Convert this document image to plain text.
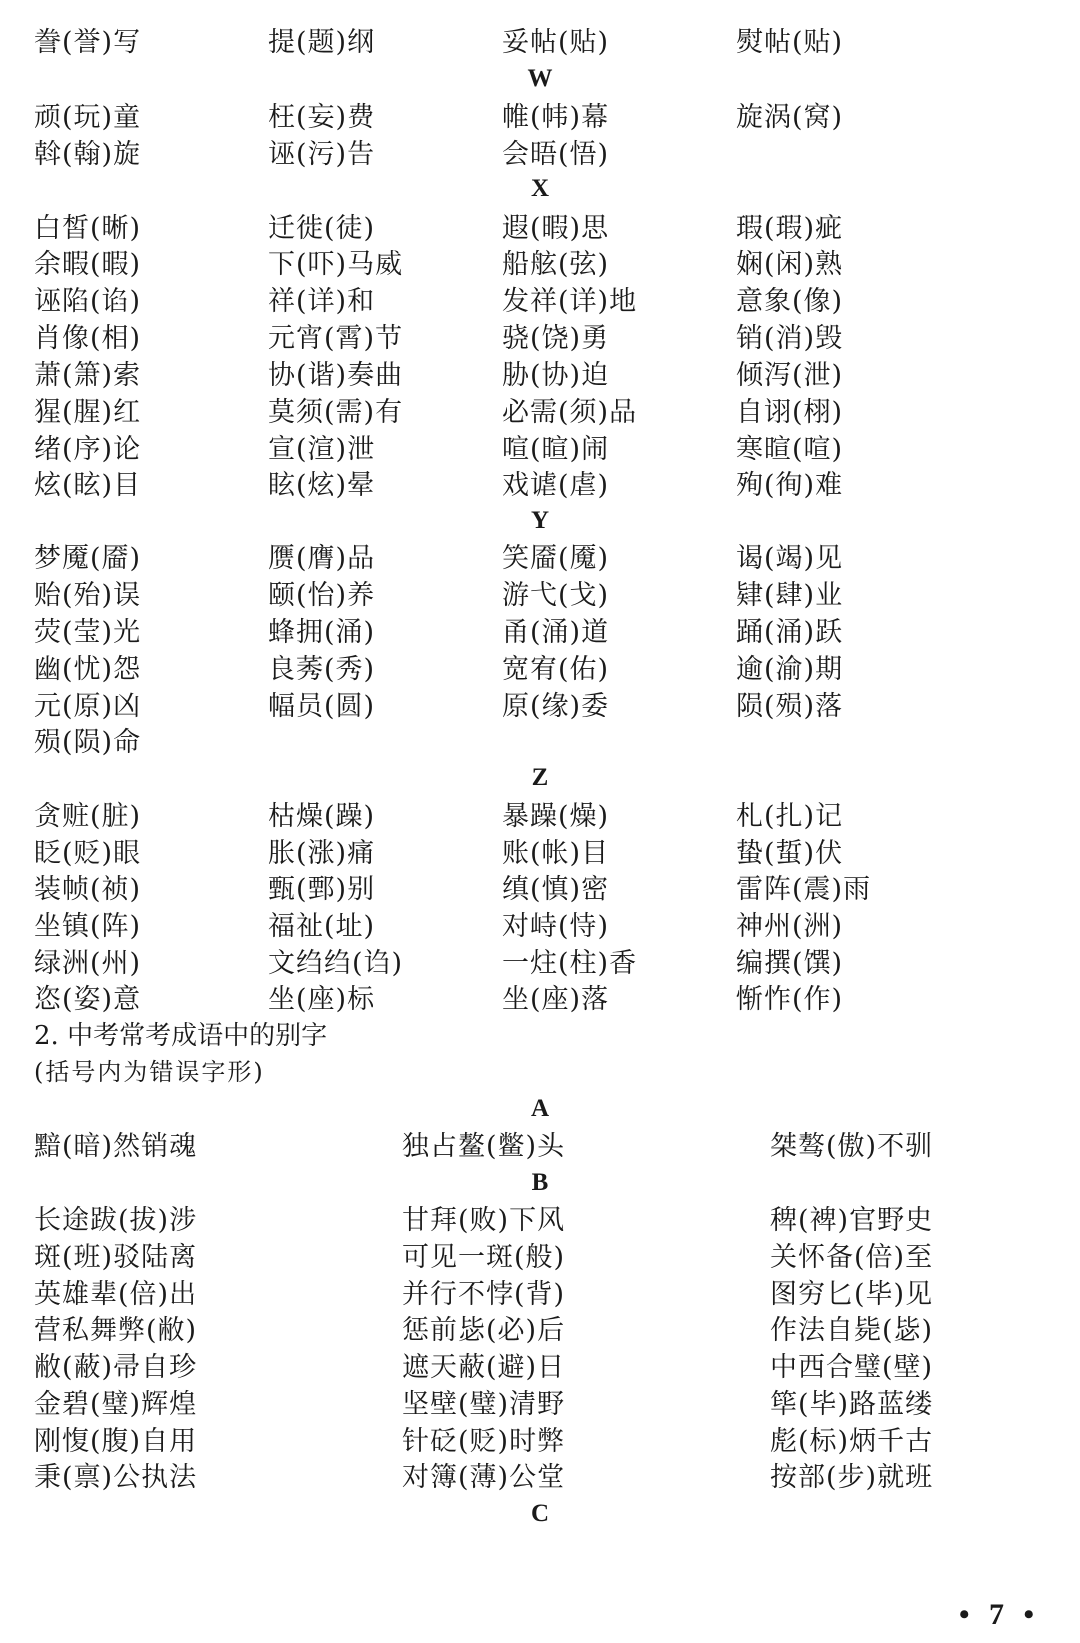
誊(誉)写	提(题)纲	妥帖(贴)	熨帖(贴)
W
顽(玩)童	枉(妄)费	帷(帏)幕	旋涡(窝)
斡(翰)旋	诬(污)告	会晤(悟)
X
白皙(晰)	迁徙(徒)	遐(暇)思	瑕(瑕)疵
余暇(暇)	下(吓)马威	船舷(弦)	娴(闲)熟
诬陷(谄)	祥(详)和	发祥(详)地	意象(像)
肖像(相)	元宵(霄)节	骁(饶)勇	销(消)毁
萧(箫)索	协(谐)奏曲	胁(协)迫	倾泻(泄)
猩(腥)红	莫须(需)有	必需(须)品	自诩(栩)
绪(序)论	宣(渲)泄	喧(暄)闹	寒暄(喧)
炫(眩)目	眩(炫)晕	戏谑(虐)	殉(徇)难
Y
梦魇(靥)	赝(膺)品	笑靥(魇)	谒(竭)见
贻(殆)误	颐(怡)养	游弋(戈)	肄(肆)业
荧(莹)光	蜂拥(涌)	甬(涌)道	踊(涌)跃
幽(忧)怨	良莠(秀)	宽宥(佑)	逾(渝)期
元(原)凶	幅员(圆)	原(缘)委	陨(殒)落
殒(陨)命
Z
贪赃(脏)	枯燥(躁)	暴躁(燥)	札(扎)记
眨(贬)眼	胀(涨)痛	账(帐)目	蛰(蜇)伏
装帧(祯)	甄(鄄)别	缜(慎)密	雷阵(震)雨
坐镇(阵)	福祉(址)	对峙(恃)	神州(洲)
绿洲(州)	文绉绉(诌)	一炷(柱)香	编撰(馔)
恣(姿)意	坐(座)标	坐(座)落	惭怍(作)
2. 中考常考成语中的别字
(括号内为错误字形)
A
黯(暗)然销魂	独占鳌(鳖)头	桀骜(傲)不驯
B
长途跋(拔)涉	甘拜(败)下风	稗(裨)官野史
斑(班)驳陆离	可见一斑(般)	关怀备(倍)至
英雄辈(倍)出	并行不悖(背)	图穷匕(毕)见
营私舞弊(敝)	惩前毖(必)后	作法自毙(毖)
敝(蔽)帚自珍	遮天蔽(避)日	中西合璧(壁)
金碧(璧)辉煌	坚壁(璧)清野	筚(毕)路蓝缕
刚愎(腹)自用	针砭(贬)时弊	彪(标)炳千古
秉(禀)公执法	对簿(薄)公堂	按部(步)就班
C
• 7 •
